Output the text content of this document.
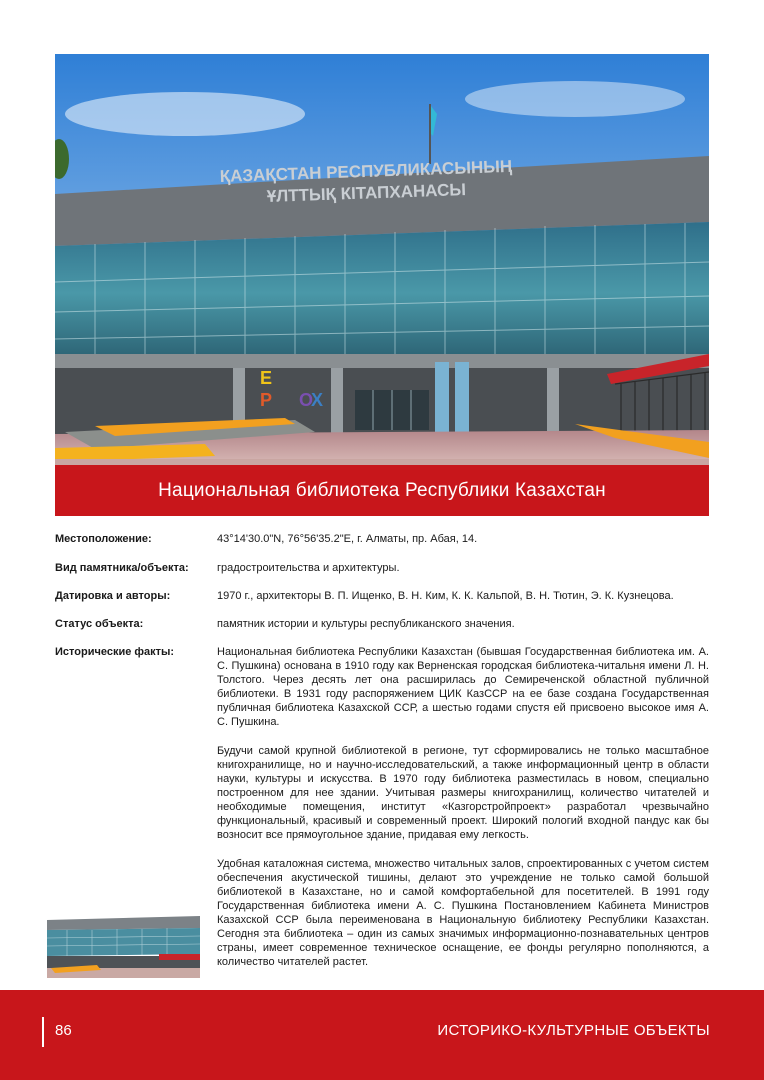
ҚАЗАҚСТАН РЕСПУБЛИКАСЫНЫҢ
ҰЛТТЫҚ КІТАПХАНАСЫ
E
X
P O
Национальная библиотека Республики Казахстан
Местоположение:	43°14'30.0"N, 76°56'35.2"E, г. Алматы, пр. Абая, 14.
Вид памятника/объекта:	градостроительства и архитектуры.
Датировка и авторы:	1970 г., архитекторы В. П. Ищенко, В. Н. Ким, К. К. Кальпой, В. Н. Тютин, Э. К. Кузнецова.
Статус объекта:	памятник истории и культуры республиканского значения.
Исторические факты:	Национальная библиотека Республики Казахстан (бывшая Государственная библиотека им. А. С. Пушкина) основана в 1910 году как Верненская городская библиотека-читальня имени Л. Н. Толстого. Через десять лет она расширилась до Семиреченской областной публичной библиотеки. В 1931 году распоряжением ЦИК КазССР на ее базе создана Государственная публичная библиотека Казахской ССР, а шестью годами спустя ей присвоено высокое имя А. С. Пушкина.

Будучи самой крупной библиотекой в регионе, тут сформировались не только масштабное книгохранилище, но и научно-исследовательский, а также информационный центр в области науки, культуры и искусства. В 1970 году библиотека разместилась в новом, специально построенном для нее здании. Учитывая размеры книгохранилищ, количество читателей и необходимые помещения, институт «Казгорстройпроект» разработал чрезвычайно функциональный, красивый и современный проект. Широкий пологий входной пандус как бы возносит все прямоугольное здание, придавая ему легкость.

Удобная каталожная система, множество читальных залов, спроектированных с учетом систем обеспечения акустической тишины, делают это учреждение не только самой большой библиотекой в Казахстане, но и самой комфортабельной для посетителей. В 1991 году Государственная библиотека имени А. С. Пушкина Постановлением Кабинета Министров Казахской ССР была переименована в Национальную библиотеку Республики Казахстан. Сегодня эта библиотека – один из самых значимых информационно-познавательных центров страны, имеет современное техническое оснащение, ее фонды регулярно пополняются, а количество читателей растет.

86	ИСТОРИКО-КУЛЬТУРНЫЕ ОБЪЕКТЫ
